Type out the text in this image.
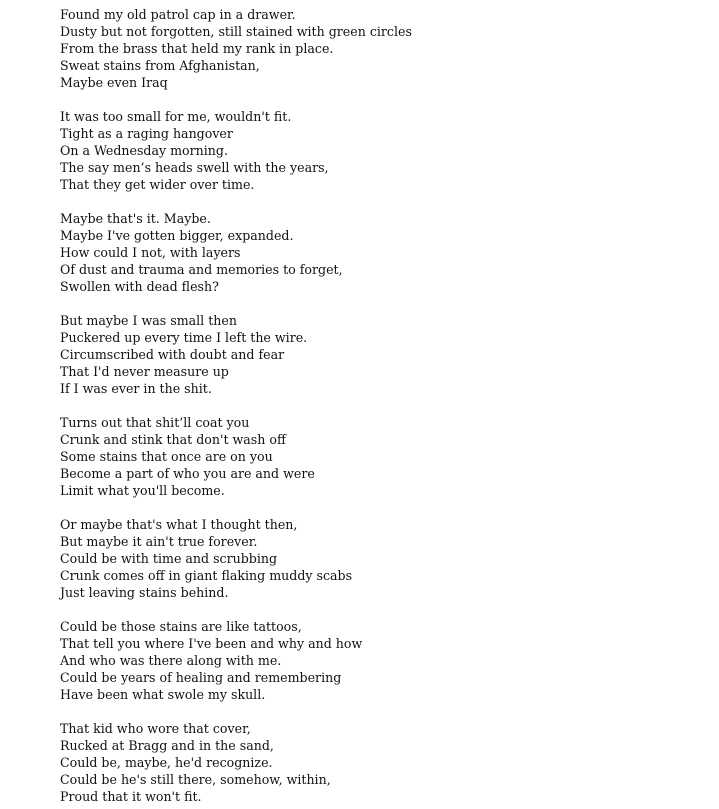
Found my old patrol cap in a drawer.
Dusty but not forgotten, still stained with green circles
From the brass that held my rank in place.
Sweat stains from Afghanistan,
Maybe even Iraq
It was too small for me, wouldn't fit.
Tight as a raging hangover
On a Wednesday morning.
The say men’s heads swell with the years,
That they get wider over time.
Maybe that's it. Maybe.
Maybe I've gotten bigger, expanded.
How could I not, with layers
Of dust and trauma and memories to forget,
Swollen with dead flesh?
But maybe I was small then
Puckered up every time I left the wire.
Circumscribed with doubt and fear
That I'd never measure up
If I was ever in the shit.
Turns out that shit’ll coat you
Crunk and stink that don't wash off
Some stains that once are on you
Become a part of who you are and were
Limit what you'll become.
Or maybe that's what I thought then,
But maybe it ain't true forever.
Could be with time and scrubbing
Crunk comes off in giant flaking muddy scabs
Just leaving stains behind.
Could be those stains are like tattoos,
That tell you where I've been and why and how
And who was there along with me.
Could be years of healing and remembering
Have been what swole my skull.
That kid who wore that cover,
Rucked at Bragg and in the sand,
Could be, maybe, he'd recognize.
Could be he's still there, somehow, within,
Proud that it won't fit.
